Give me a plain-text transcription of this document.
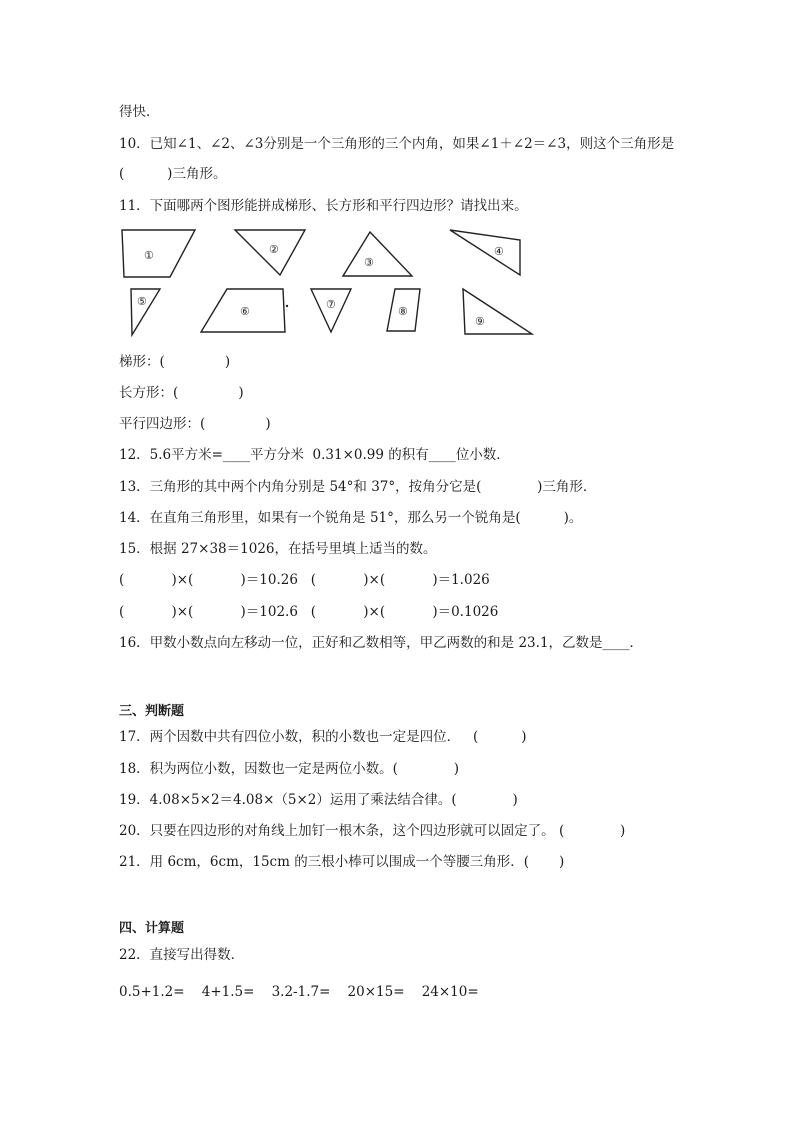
得快．
10．已知∠1、∠2、∠3分别是一个三角形的三个内角，如果∠1＋∠2＝∠3，则这个三角形是
(          )三角形。
11．下面哪两个图形能拼成梯形、长方形和平行四边形？请找出来。
①	②
③
④
⑤
⑥
⑦
⑧
⑨
梯形：(              )
长方形：(              )
平行四边形：(              )
12．5.6平方米=____平方分米  0.31×0.99 的积有____位小数．
13．三角形的其中两个内角分别是 54°和 37°，按角分它是(             )三角形．
14．在直角三角形里，如果有一个锐角是 51°，那么另一个锐角是(          )。
15．根据 27×38＝1026，在括号里填上适当的数。
(           )×(           )＝10.26   (           )×(           )＝1.026
(           )×(           )＝102.6   (           )×(           )＝0.1026
16．甲数小数点向左移动一位，正好和乙数相等，甲乙两数的和是 23.1，乙数是____．
三、判断题
17．两个因数中共有四位小数，积的小数也一定是四位．   (          )
18．积为两位小数，因数也一定是两位小数。(             )
19．4.08×5×2＝4.08×（5×2）运用了乘法结合律。(             )
20．只要在四边形的对角线上加钉一根木条，这个四边形就可以固定了。 (             )
21．用 6cm，6cm，15cm 的三根小棒可以围成一个等腰三角形．(       )
四、计算题
22．直接写出得数．
0.5+1.2=    4+1.5=    3.2-1.7=    20×15=    24×10=
